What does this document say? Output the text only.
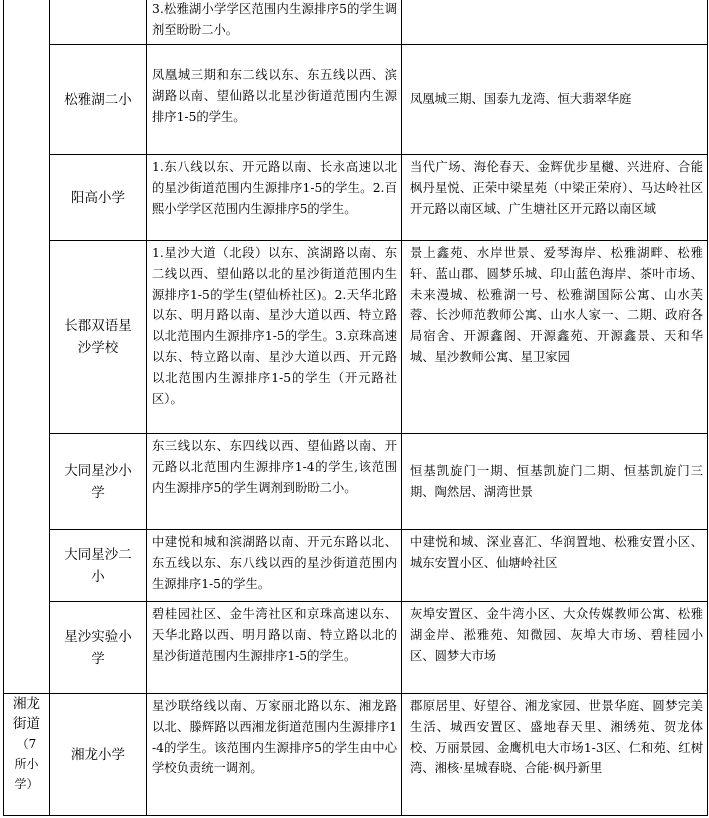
		3.松雅湖小学学区范围内生源排序5的学生调剂至盼盼二小。	

	松雅湖二小	凤凰城三期和东二线以东、东五线以西、滨湖路以南、望仙路以北星沙街道范围内生源排序1-5的学生。	凤凰城三期、国泰九龙湾、恒大翡翠华庭

	阳高小学	1.东八线以东、开元路以南、长永高速以北的星沙街道范围内生源排序1-5的学生。2.百熙小学学区范围内生源排序5的学生。	当代广场、海伦春天、金辉优步星樾、兴进府、合能枫丹星悦、正荣中梁星苑（中梁正荣府）、马达岭社区开元路以南区域、广生塘社区开元路以南区域

	长郡双语星沙学校	1.星沙大道（北段）以东、滨湖路以南、东二线以西、望仙路以北的星沙街道范围内生源排序1-5的学生(望仙桥社区)。2.天华北路以东、明月路以南、星沙大道以西、特立路以北范围内生源排序1-5的学生。3.京珠高速以东、特立路以南、星沙大道以西、开元路以北范围内生源排序1-5的学生（开元路社区）。	景上鑫苑、水岸世景、爱琴海岸、松雅湖畔、松雅轩、蓝山郡、圆梦乐城、印山蓝色海岸、茶叶市场、未来漫城、松雅湖一号、松雅湖国际公寓、山水芙蓉、长沙师范教师公寓、山水人家一、二期、政府各局宿舍、开源鑫阁、开源鑫苑、开源鑫景、天和华城、星沙教师公寓、星卫家园

	大同星沙小学	东三线以东、东四线以西、望仙路以南、开元路以北范围内生源排序1-4的学生,该范围内生源排序5的学生调剂到盼盼二小。	恒基凯旋门一期、恒基凯旋门二期、恒基凯旋门三期、陶然居、湖湾世景

	大同星沙二小	中建悦和城和滨湖路以南、开元东路以北、东五线以东、东八线以西的星沙街道范围内生源排序1-5的学生。	中建悦和城、深业喜汇、华润置地、松雅安置小区、城东安置小区、仙塘岭社区

	星沙实验小学	碧桂园社区、金牛湾社区和京珠高速以东、天华北路以西、明月路以南、特立路以北的星沙街道范围内生源排序1-5的学生。	灰埠安置区、金牛湾小区、大众传媒教师公寓、松雅湖金岸、淞雅苑、知微园、灰埠大市场、碧桂园小区、圆梦大市场

湘龙街道
（7所小学）	湘龙小学	星沙联络线以南、万家丽北路以东、湘龙路以北、滕辉路以西湘龙街道范围内生源排序1-4的学生。该范围内生源排序5的学生由中心学校负责统一调剂。	郡原居里、好望谷、湘龙家园、世景华庭、圆梦完美生活、城西安置区、盛地春天里、湘绣苑、贺龙体校、万丽景园、金鹰机电大市场1-3区、仁和苑、红树湾、湘核·星城春晓、合能·枫丹新里
